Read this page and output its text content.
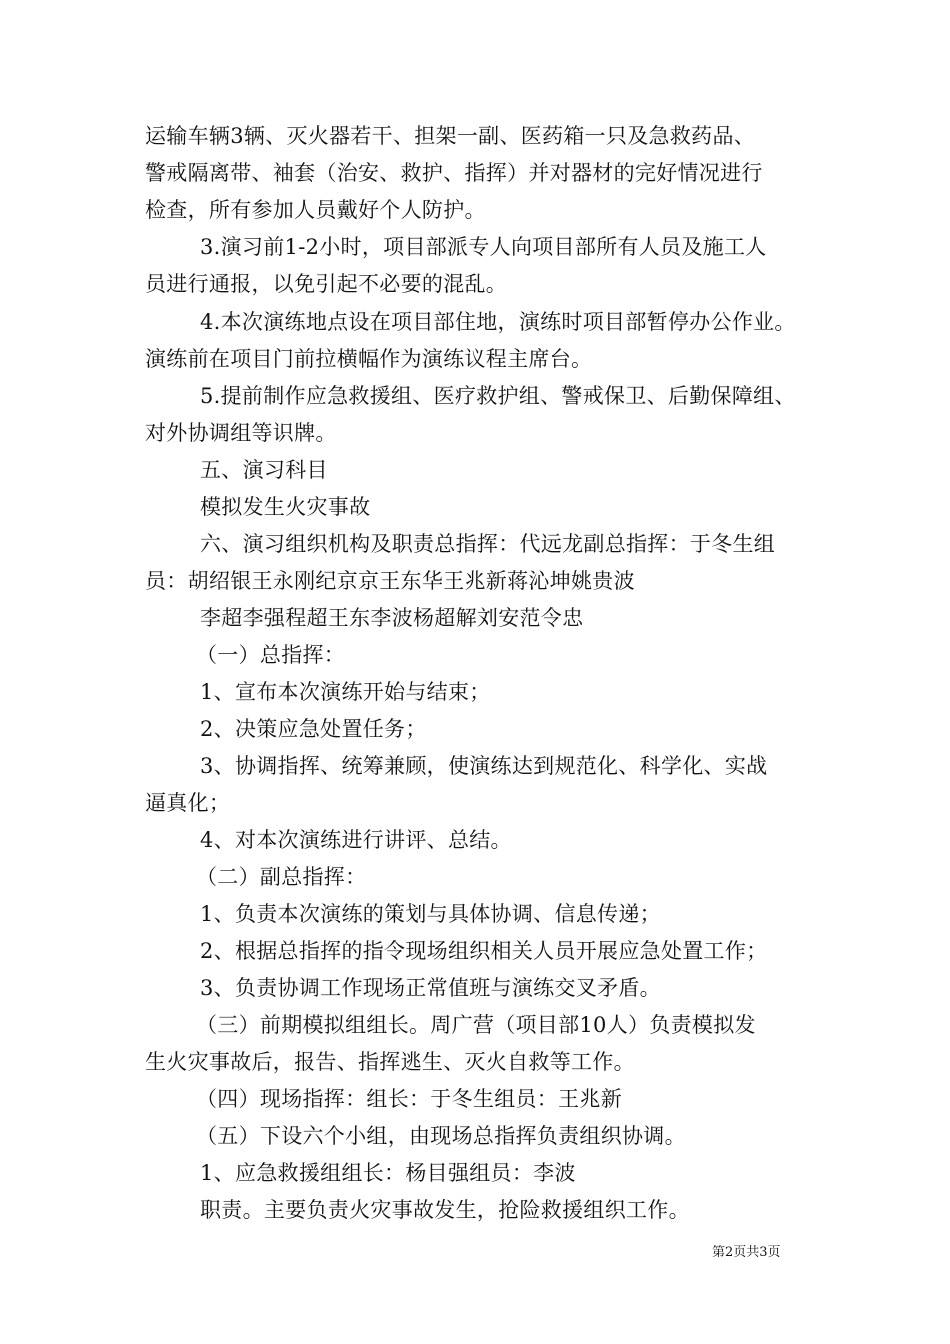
运输车辆3辆、灭火器若干、担架一副、医药箱一只及急救药品、
警戒隔离带、袖套（治安、救护、指挥）并对器材的完好情况进行
检查，所有参加人员戴好个人防护。
3.演习前1-2小时，项目部派专人向项目部所有人员及施工人
员进行通报，以免引起不必要的混乱。
4.本次演练地点设在项目部住地，演练时项目部暂停办公作业。
演练前在项目门前拉横幅作为演练议程主席台。
5.提前制作应急救援组、医疗救护组、警戒保卫、后勤保障组、
对外协调组等识牌。
五、演习科目
模拟发生火灾事故
六、演习组织机构及职责总指挥：代远龙副总指挥：于冬生组
员：胡绍银王永刚纪京京王东华王兆新蒋沁坤姚贵波
李超李强程超王东李波杨超解刘安范令忠
（一）总指挥：
1、宣布本次演练开始与结束；
2、决策应急处置任务；
3、协调指挥、统筹兼顾，使演练达到规范化、科学化、实战
逼真化；
4、对本次演练进行讲评、总结。
（二）副总指挥：
1、负责本次演练的策划与具体协调、信息传递；
2、根据总指挥的指令现场组织相关人员开展应急处置工作；
3、负责协调工作现场正常值班与演练交叉矛盾。
（三）前期模拟组组长。周广营（项目部10人）负责模拟发
生火灾事故后，报告、指挥逃生、灭火自救等工作。
（四）现场指挥：组长：于冬生组员：王兆新
（五）下设六个小组，由现场总指挥负责组织协调。
1、应急救援组组长：杨目强组员：李波
职责。主要负责火灾事故发生，抢险救援组织工作。
第2页共3页
